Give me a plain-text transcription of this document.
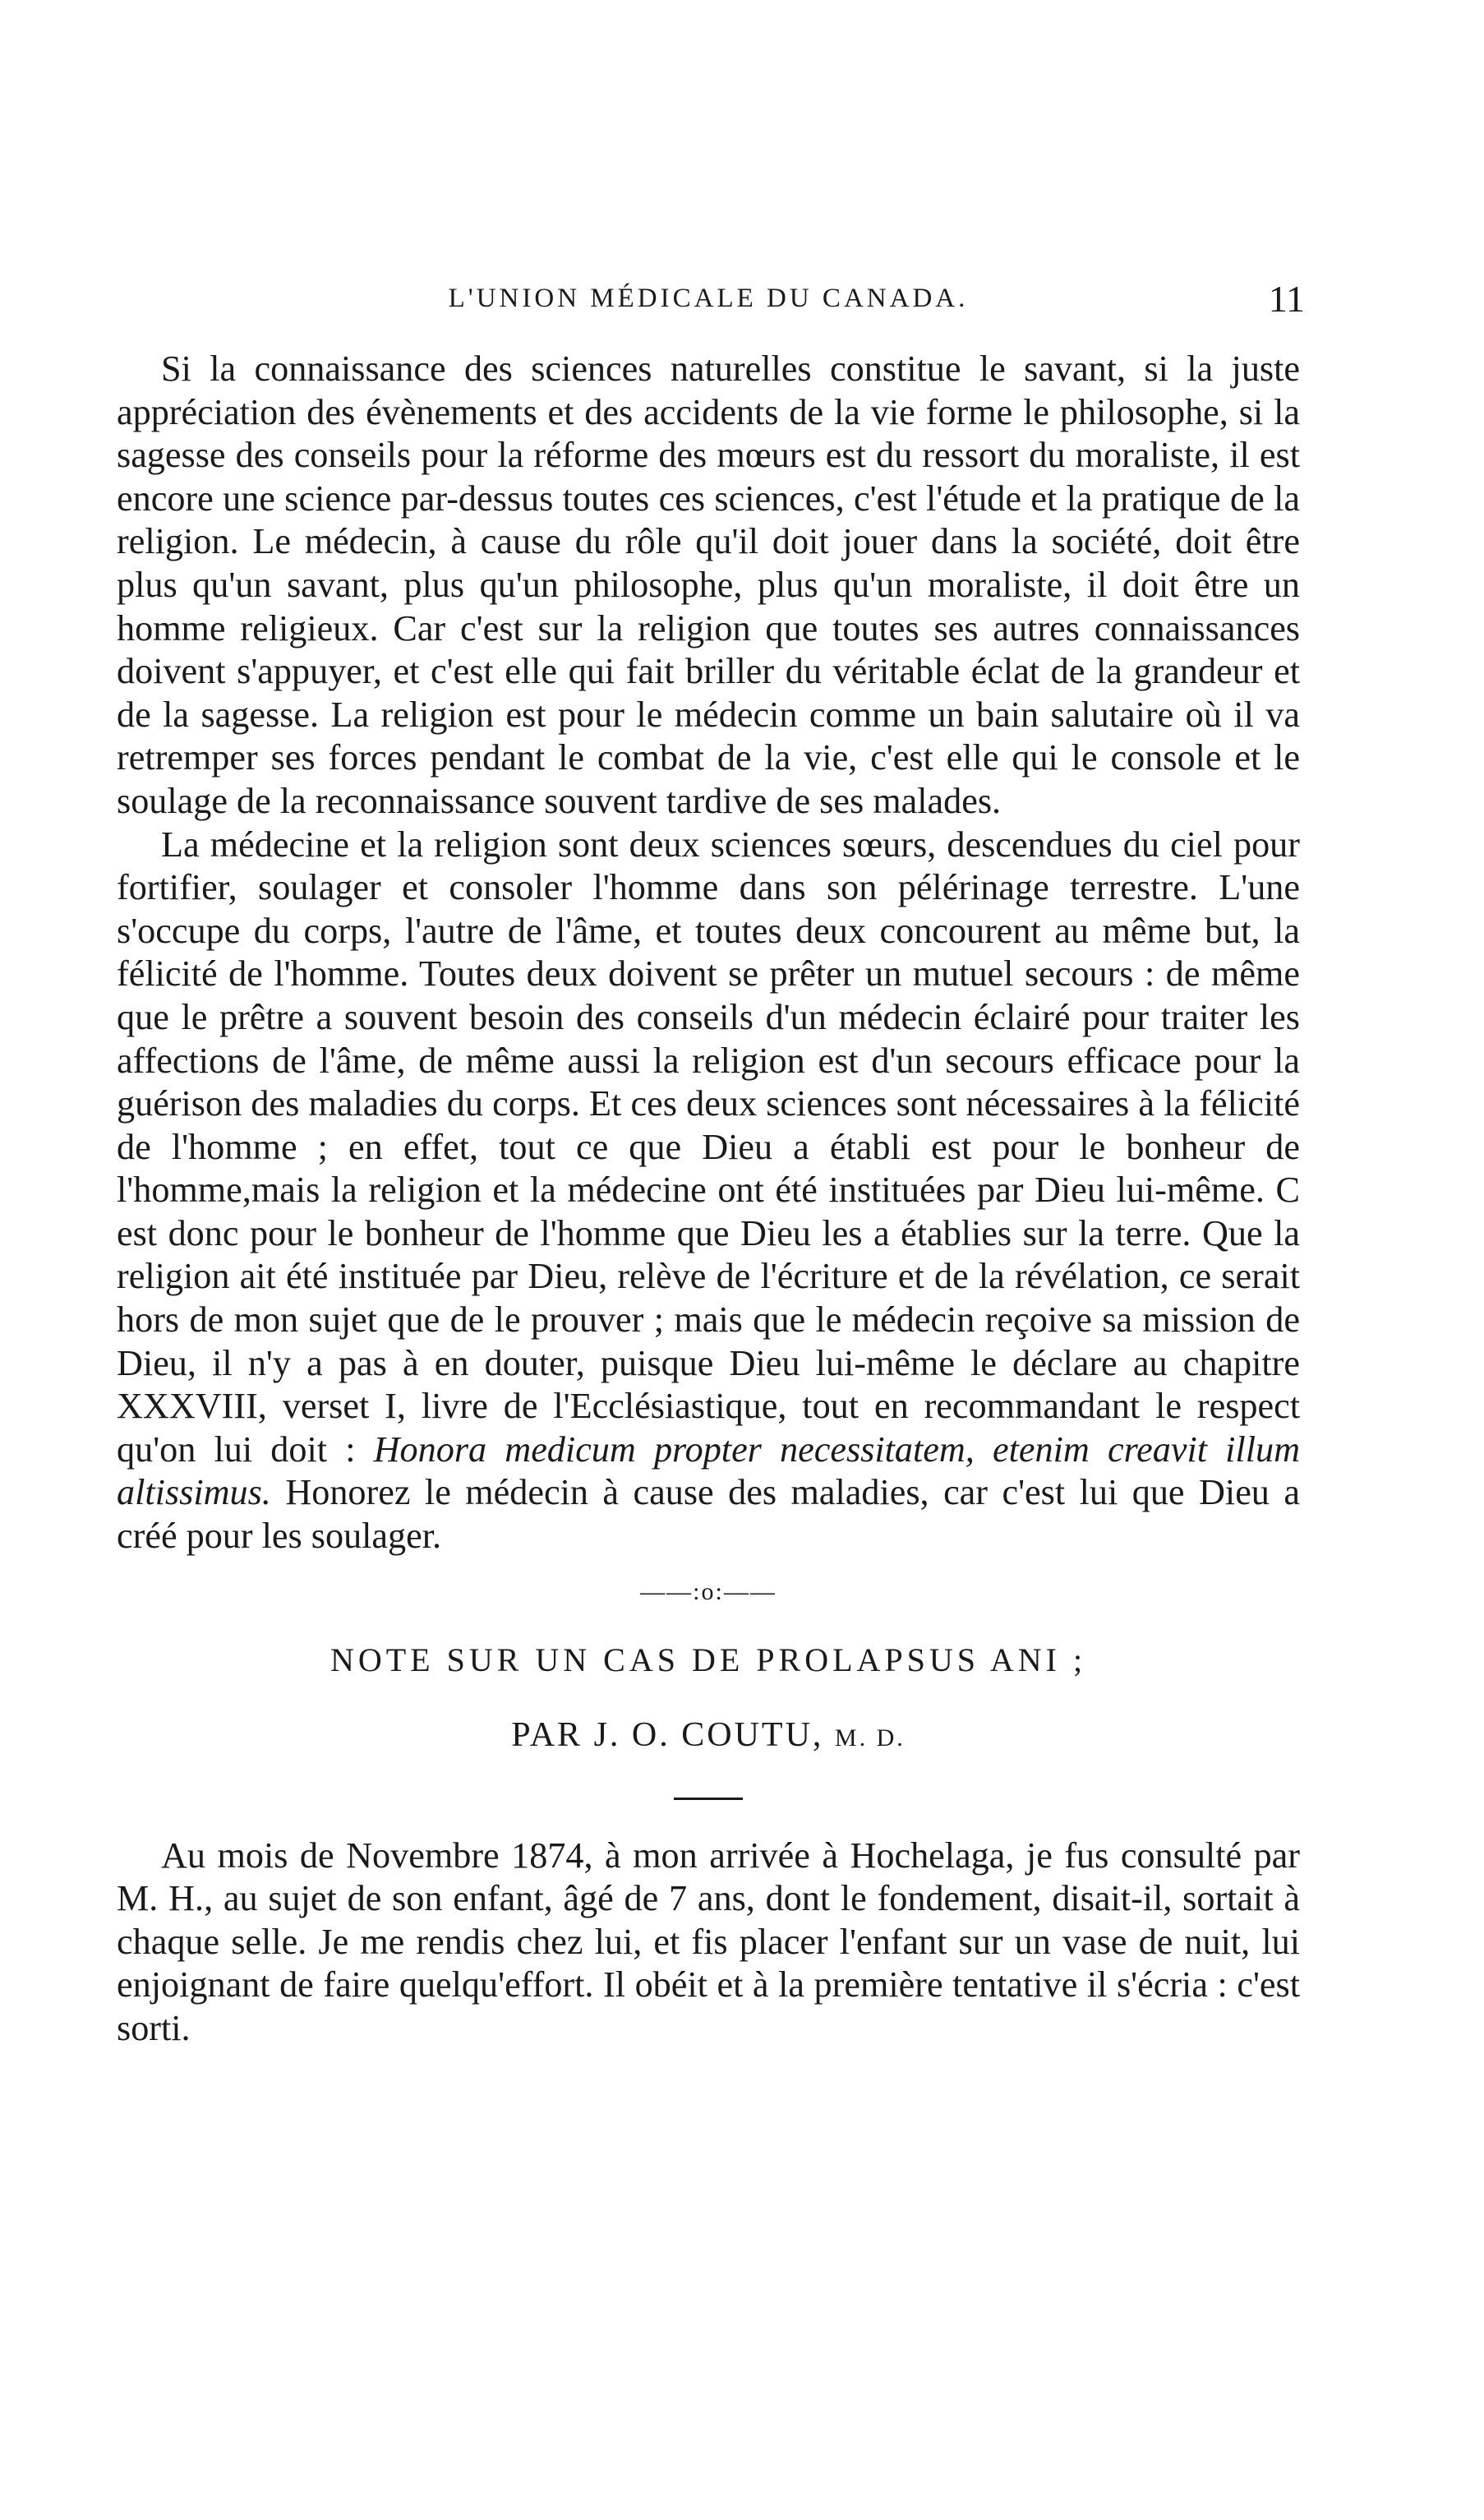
L'UNION MÉDICALE DU CANADA.	11

Si la connaissance des sciences naturelles constitue le savant, si la juste appréciation des évènements et des accidents de la vie forme le philosophe, si la sagesse des conseils pour la réforme des mœurs est du ressort du moraliste, il est encore une science par-dessus toutes ces sciences, c'est l'étude et la pratique de la religion. Le médecin, à cause du rôle qu'il doit jouer dans la société, doit être plus qu'un savant, plus qu'un philosophe, plus qu'un moraliste, il doit être un homme religieux. Car c'est sur la religion que toutes ses autres connaissances doivent s'appuyer, et c'est elle qui fait briller du véritable éclat de la grandeur et de la sagesse. La religion est pour le médecin comme un bain salutaire où il va retremper ses forces pendant le combat de la vie, c'est elle qui le console et le soulage de la reconnaissance souvent tardive de ses malades.

La médecine et la religion sont deux sciences sœurs, descendues du ciel pour fortifier, soulager et consoler l'homme dans son pélérinage terrestre. L'une s'occupe du corps, l'autre de l'âme, et toutes deux concourent au même but, la félicité de l'homme. Toutes deux doivent se prêter un mutuel secours : de même que le prêtre a souvent besoin des conseils d'un médecin éclairé pour traiter les affections de l'âme, de même aussi la religion est d'un secours efficace pour la guérison des maladies du corps. Et ces deux sciences sont nécessaires à la félicité de l'homme ; en effet, tout ce que Dieu a établi est pour le bonheur de l'homme,mais la religion et la médecine ont été instituées par Dieu lui-même. C est donc pour le bonheur de l'homme que Dieu les a établies sur la terre. Que la religion ait été instituée par Dieu, relève de l'écriture et de la révélation, ce serait hors de mon sujet que de le prouver ; mais que le médecin reçoive sa mission de Dieu, il n'y a pas à en douter, puisque Dieu lui-même le déclare au chapitre XXXVIII, verset I, livre de l'Ecclésiastique, tout en recommandant le respect qu'on lui doit : Honora medicum propter necessitatem, etenim creavit illum altissimus. Honorez le médecin à cause des maladies, car c'est lui que Dieu a créé pour les soulager.

——:o:——
NOTE SUR UN CAS DE PROLAPSUS ANI ;
PAR J. O. COUTU, M. D.

Au mois de Novembre 1874, à mon arrivée à Hochelaga, je fus consulté par M. H., au sujet de son enfant, âgé de 7 ans, dont le fondement, disait-il, sortait à chaque selle. Je me rendis chez lui, et fis placer l'enfant sur un vase de nuit, lui enjoignant de faire quelqu'effort. Il obéit et à la première tentative il s'écria : c'est sorti.
